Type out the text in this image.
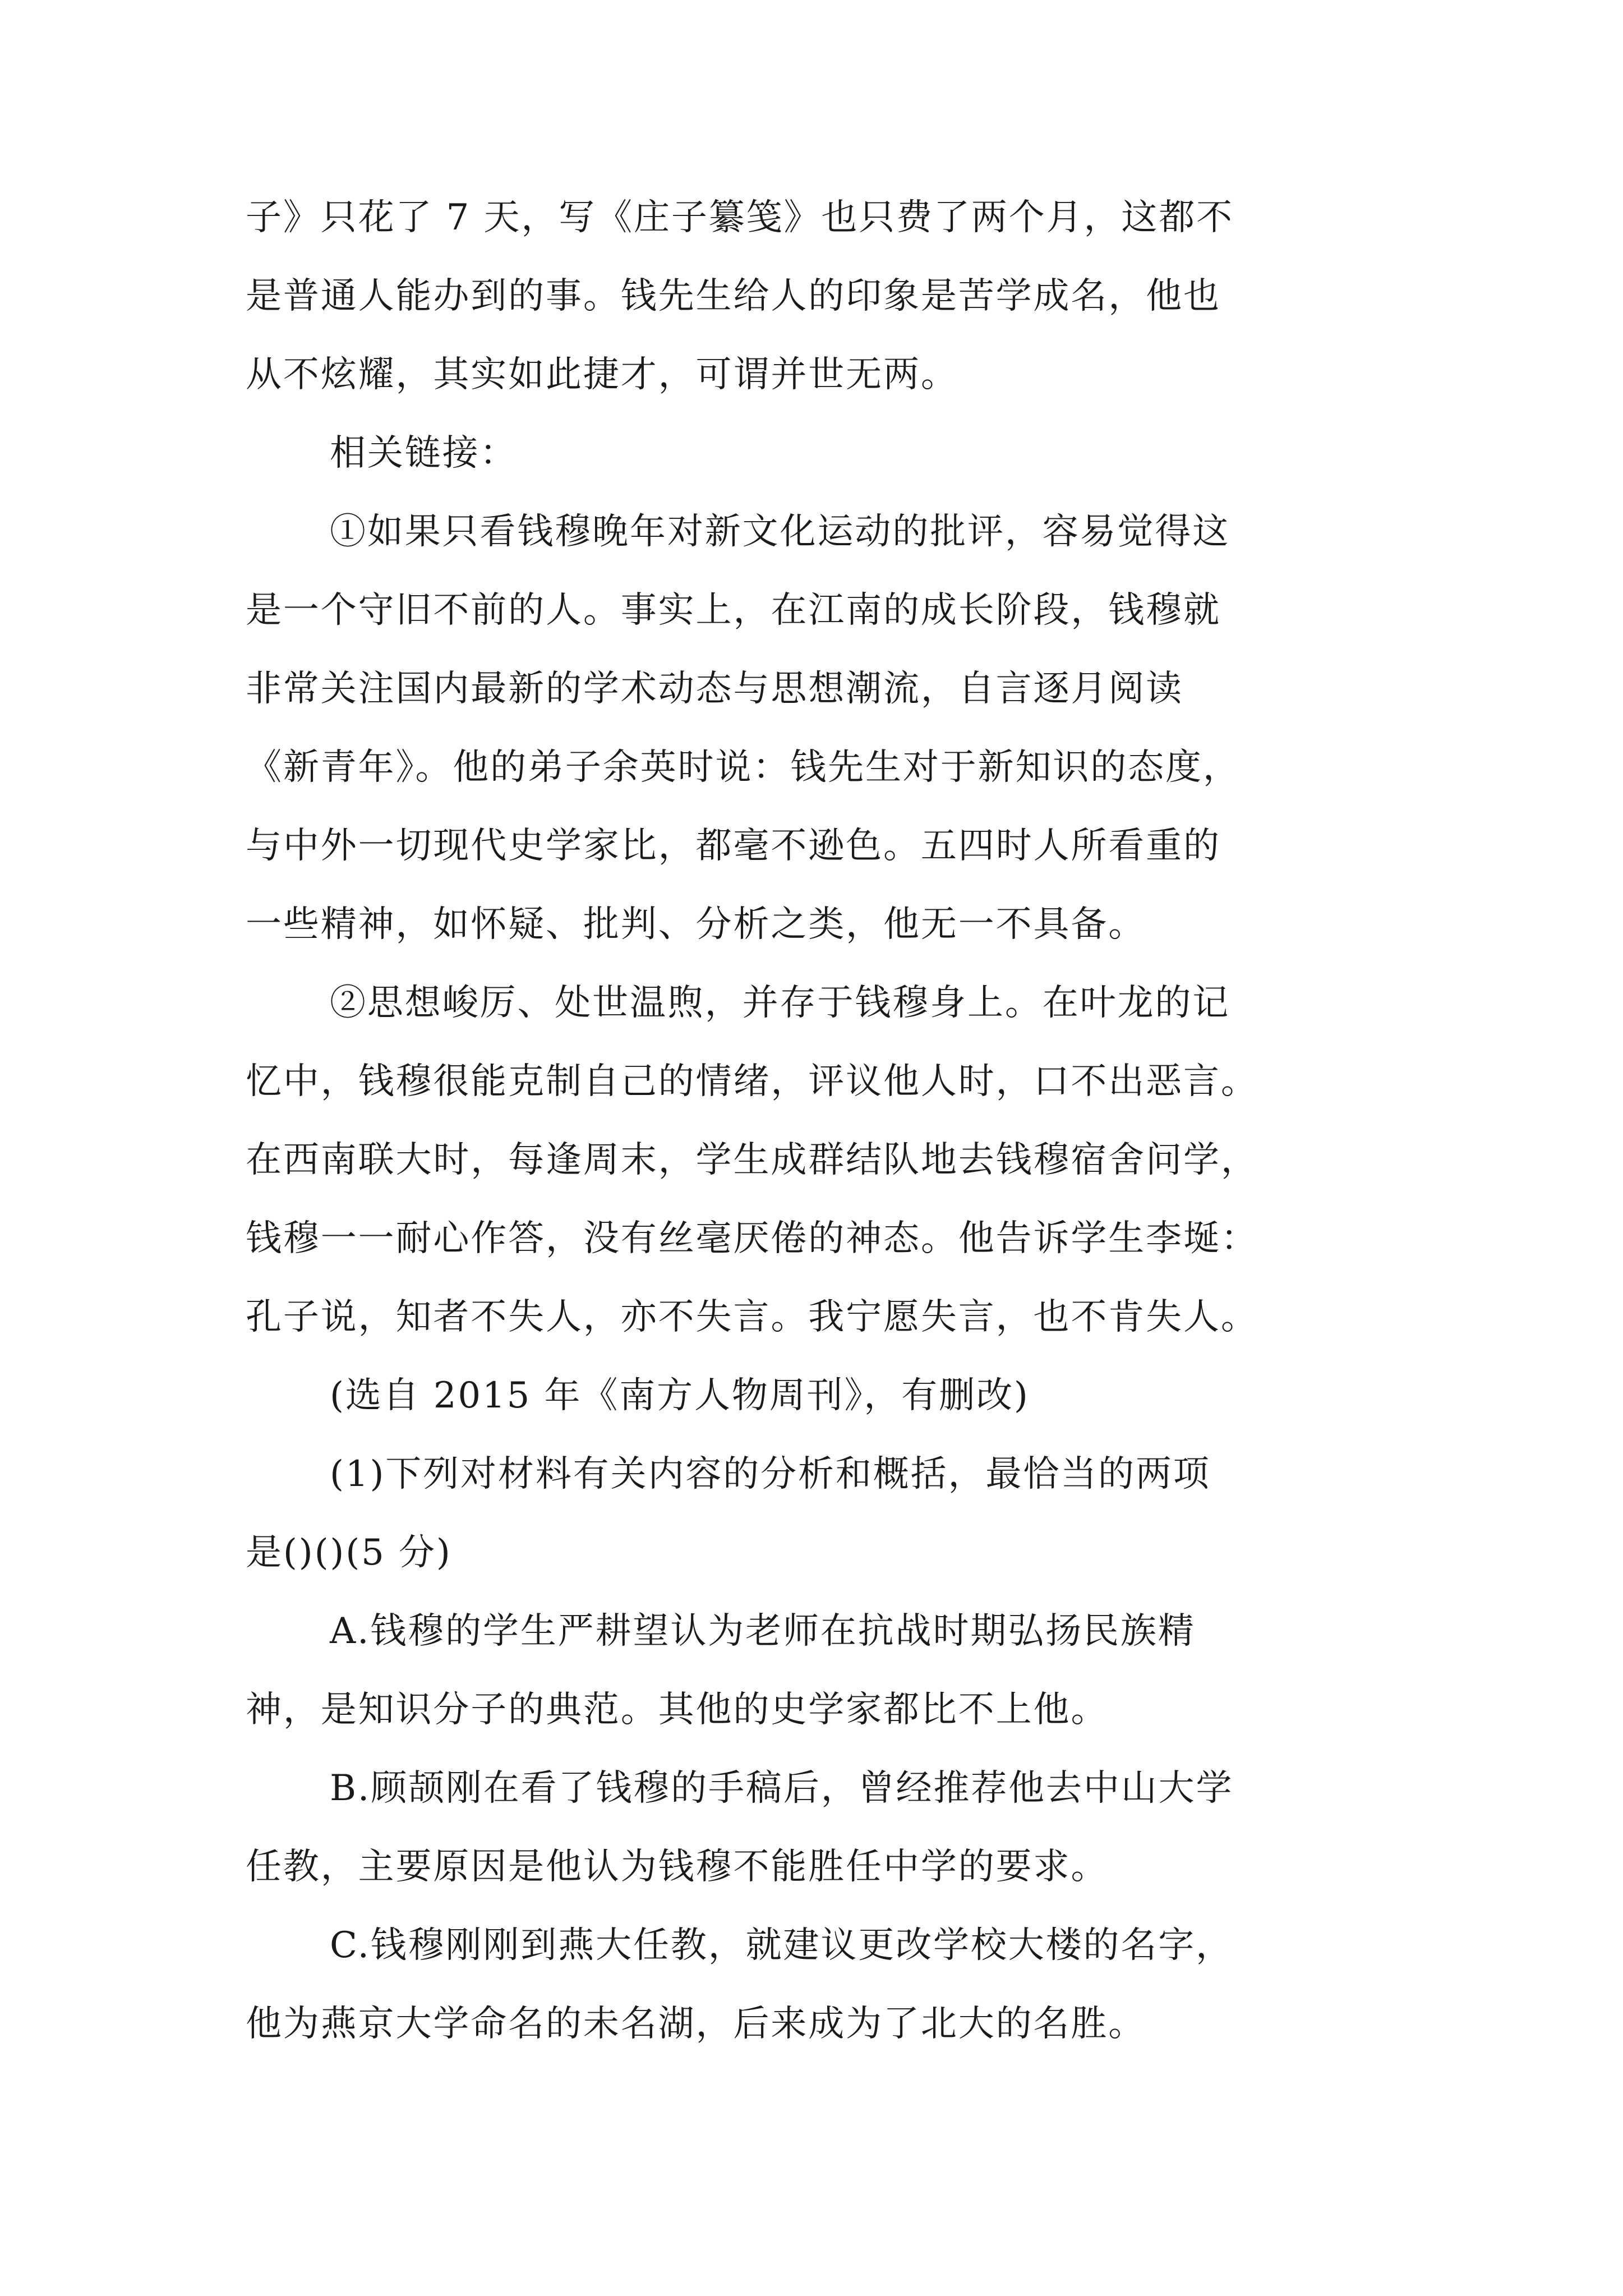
子》只花了 7 天，写《庄子纂笺》也只费了两个月，这都不
是普通人能办到的事。钱先生给人的印象是苦学成名，他也
从不炫耀，其实如此捷才，可谓并世无两。
相关链接：
①如果只看钱穆晚年对新文化运动的批评，容易觉得这
是一个守旧不前的人。事实上，在江南的成长阶段，钱穆就
非常关注国内最新的学术动态与思想潮流，自言逐月阅读
《新青年》。他的弟子余英时说：钱先生对于新知识的态度，
与中外一切现代史学家比，都毫不逊色。五四时人所看重的
一些精神，如怀疑、批判、分析之类，他无一不具备。
②思想峻厉、处世温煦，并存于钱穆身上。在叶龙的记
忆中，钱穆很能克制自己的情绪，评议他人时，口不出恶言。
在西南联大时，每逢周末，学生成群结队地去钱穆宿舍问学，
钱穆一一耐心作答，没有丝毫厌倦的神态。他告诉学生李埏：
孔子说，知者不失人，亦不失言。我宁愿失言，也不肯失人。
(选自 2015 年《南方人物周刊》，有删改)
(1)下列对材料有关内容的分析和概括，最恰当的两项
是()()(5 分)
A.钱穆的学生严耕望认为老师在抗战时期弘扬民族精
神，是知识分子的典范。其他的史学家都比不上他。
B.顾颉刚在看了钱穆的手稿后，曾经推荐他去中山大学
任教，主要原因是他认为钱穆不能胜任中学的要求。
C.钱穆刚刚到燕大任教，就建议更改学校大楼的名字，
他为燕京大学命名的未名湖，后来成为了北大的名胜。
